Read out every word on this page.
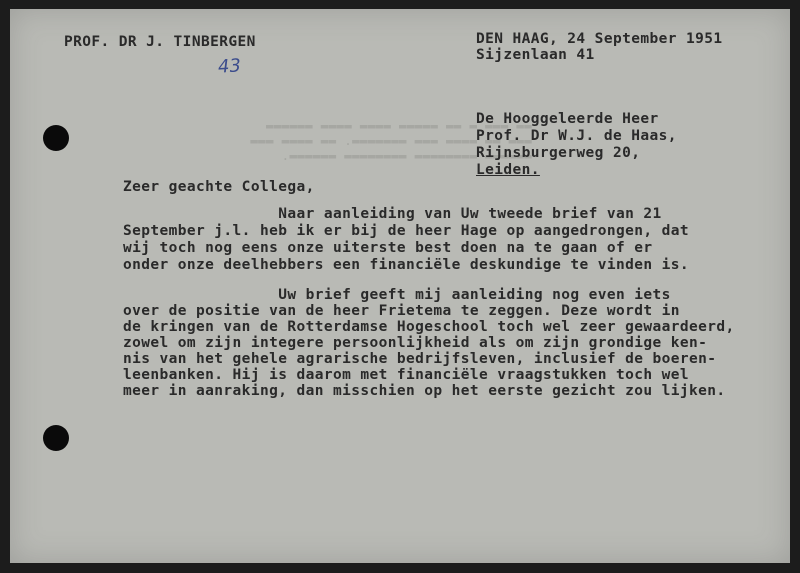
▬▬ ▬▬▬ ▬ ▬▬ ▬▬▬▬▬ ▬▬▬▬ ▬▬▬▬ ▬▬▬▬▬▬
▬▬▬ ▬▬ ▬▬▬▬ ▬▬▬ ▬▬▬▬▬▬▬. ▬▬ ▬▬▬▬ ▬▬▬
▬▬▬▬▬▬ ▬▬▬▬▬▬▬▬ ▬▬▬▬▬▬▬▬ ▬▬▬▬▬▬.
PROF. DR J. TINBERGEN	DEN HAAG, 24 September 1951
Sijzenlaan 41
43
De Hooggeleerde Heer
Prof. Dr W.J. de Haas,
Rijnsburgerweg 20,
Leiden.
Zeer geachte Collega,
Naar aanleiding van Uw tweede brief van 21
September j.l. heb ik er bij de heer Hage op aangedrongen, dat
wij toch nog eens onze uiterste best doen na te gaan of er
onder onze deelhebbers een financiële deskundige te vinden is.
Uw brief geeft mij aanleiding nog even iets
over de positie van de heer Frietema te zeggen. Deze wordt in
de kringen van de Rotterdamse Hogeschool toch wel zeer gewaardeerd,
zowel om zijn integere persoonlijkheid als om zijn grondige ken-
nis van het gehele agrarische bedrijfsleven, inclusief de boeren-
leenbanken. Hij is daarom met financiële vraagstukken toch wel
meer in aanraking, dan misschien op het eerste gezicht zou lijken.
